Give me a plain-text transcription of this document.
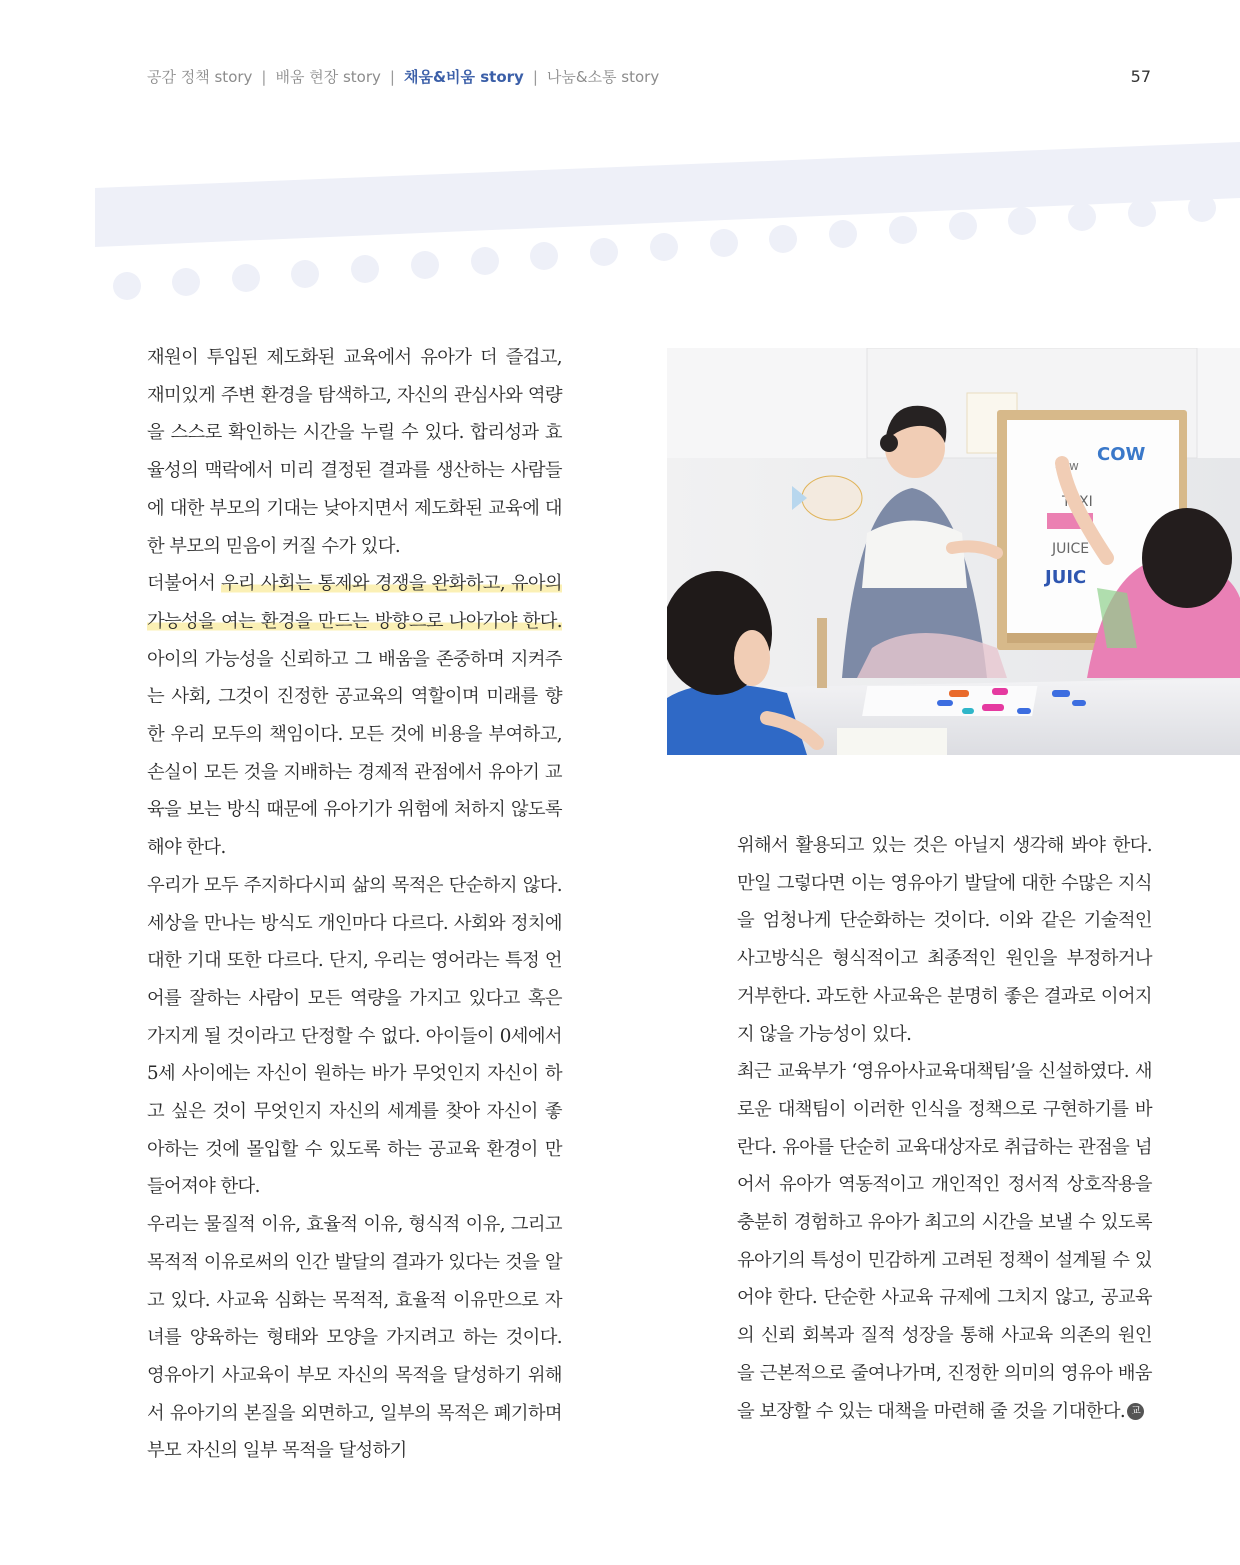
공감 정책 story | 배움 현장 story | 채움&비움 story | 나눔&소통 story	57

재원이 투입된 제도화된 교육에서 유아가 더 즐겁고, 재미있게 주변 환경을 탐색하고, 자신의 관심사와 역량을 스스로 확인하는 시간을 누릴 수 있다. 합리성과 효율성의 맥락에서 미리 결정된 결과를 생산하는 사람들에 대한 부모의 기대는 낮아지면서 제도화된 교육에 대한 부모의 믿음이 커질 수가 있다.

더불어서 우리 사회는 통제와 경쟁을 완화하고, 유아의 가능성을 여는 환경을 만드는 방향으로 나아가야 한다. 아이의 가능성을 신뢰하고 그 배움을 존중하며 지켜주는 사회, 그것이 진정한 공교육의 역할이며 미래를 향한 우리 모두의 책임이다. 모든 것에 비용을 부여하고, 손실이 모든 것을 지배하는 경제적 관점에서 유아기 교육을 보는 방식 때문에 유아기가 위험에 처하지 않도록 해야 한다.

우리가 모두 주지하다시피 삶의 목적은 단순하지 않다. 세상을 만나는 방식도 개인마다 다르다. 사회와 정치에 대한 기대 또한 다르다. 단지, 우리는 영어라는 특정 언어를 잘하는 사람이 모든 역량을 가지고 있다고 혹은 가지게 될 것이라고 단정할 수 없다. 아이들이 0세에서 5세 사이에는 자신이 원하는 바가 무엇인지 자신이 하고 싶은 것이 무엇인지 자신의 세계를 찾아 자신이 좋아하는 것에 몰입할 수 있도록 하는 공교육 환경이 만들어져야 한다.

우리는 물질적 이유, 효율적 이유, 형식적 이유, 그리고 목적적 이유로써의 인간 발달의 결과가 있다는 것을 알고 있다. 사교육 심화는 목적적, 효율적 이유만으로 자녀를 양육하는 형태와 모양을 가지려고 하는 것이다. 영유아기 사교육이 부모 자신의 목적을 달성하기 위해서 유아기의 본질을 외면하고, 일부의 목적은 폐기하며 부모 자신의 일부 목적을 달성하기

COW
cow
TAXI
JUICE
JUIC

위해서 활용되고 있는 것은 아닐지 생각해 봐야 한다. 만일 그렇다면 이는 영유아기 발달에 대한 수많은 지식을 엄청나게 단순화하는 것이다. 이와 같은 기술적인 사고방식은 형식적이고 최종적인 원인을 부정하거나 거부한다. 과도한 사교육은 분명히 좋은 결과로 이어지지 않을 가능성이 있다.

최근 교육부가 ‘영유아사교육대책팀’을 신설하였다. 새로운 대책팀이 이러한 인식을 정책으로 구현하기를 바란다. 유아를 단순히 교육대상자로 취급하는 관점을 넘어서 유아가 역동적이고 개인적인 정서적 상호작용을 충분히 경험하고 유아가 최고의 시간을 보낼 수 있도록 유아기의 특성이 민감하게 고려된 정책이 설계될 수 있어야 한다. 단순한 사교육 규제에 그치지 않고, 공교육의 신뢰 회복과 질적 성장을 통해 사교육 의존의 원인을 근본적으로 줄여나가며, 진정한 의미의 영유아 배움을 보장할 수 있는 대책을 마련해 줄 것을 기대한다. 교
